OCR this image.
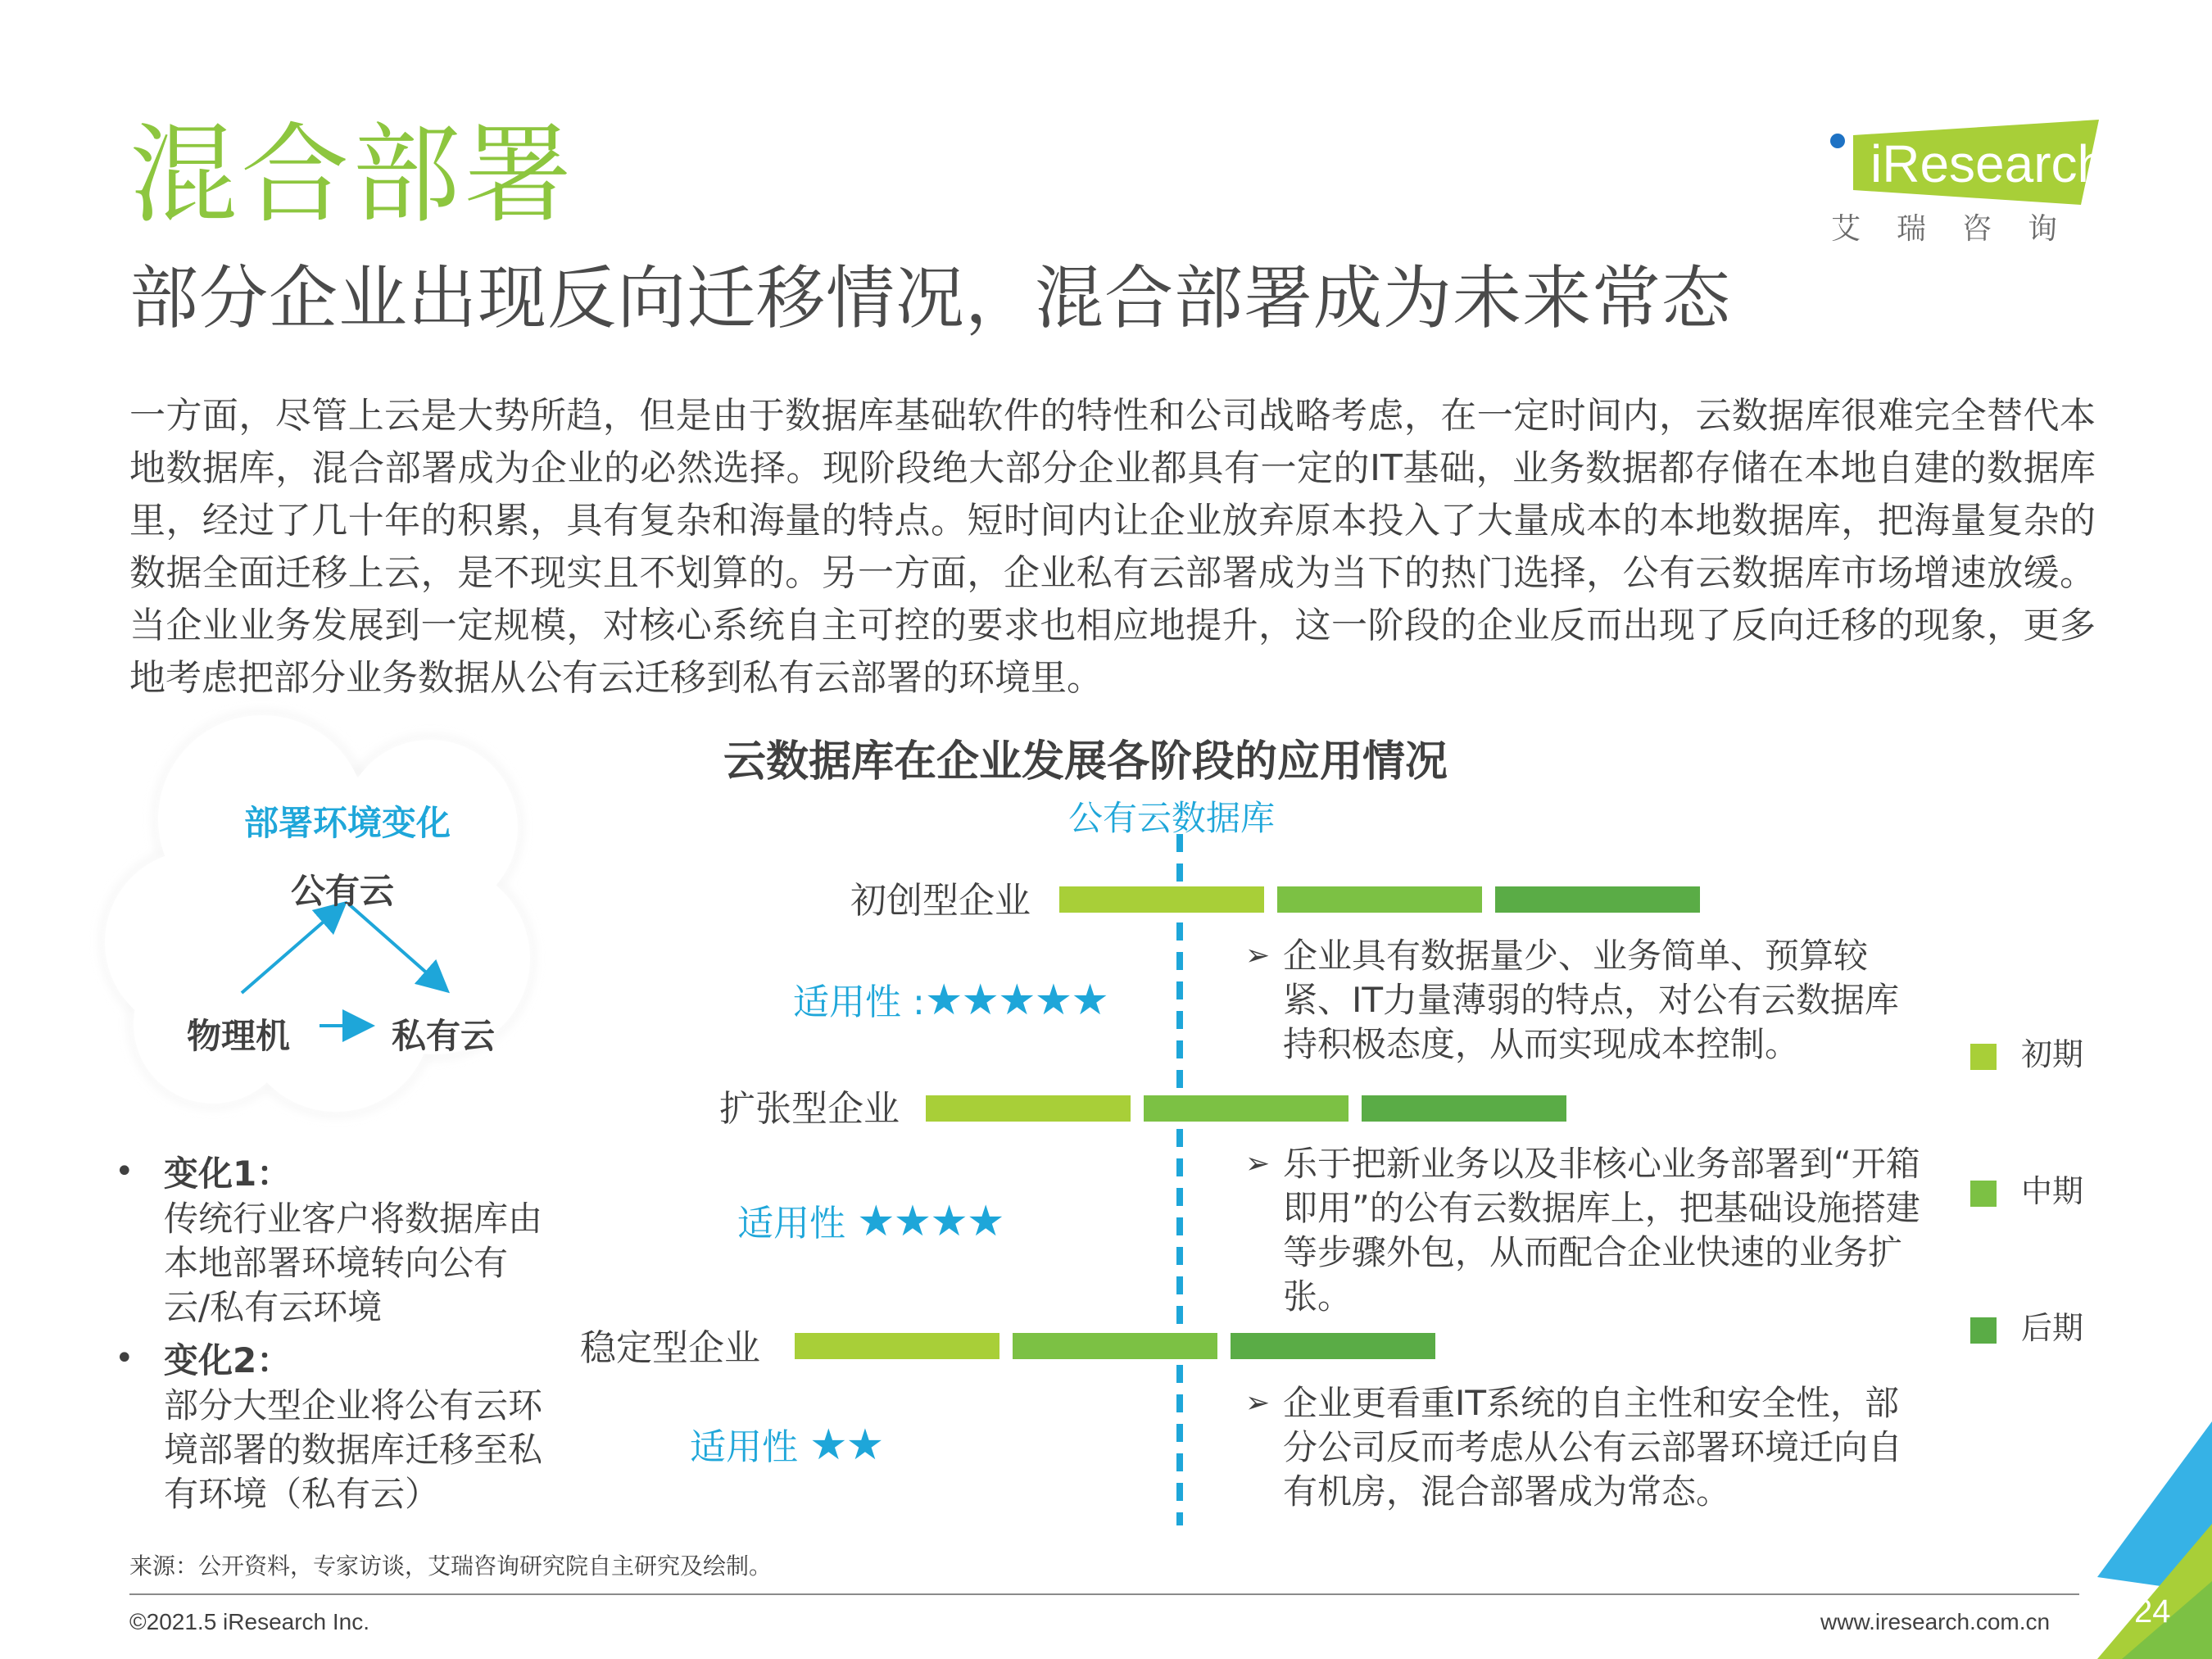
混合部署
部分企业出现反向迁移情况，混合部署成为未来常态
iResearch
艾瑞咨询
一方面，尽管上云是大势所趋，但是由于数据库基础软件的特性和公司战略考虑，在一定时间内，云数据库很难完全替代本地数据库，混合部署成为企业的必然选择。现阶段绝大部分企业都具有一定的IT基础，业务数据都存储在本地自建的数据库里，经过了几十年的积累，具有复杂和海量的特点。短时间内让企业放弃原本投入了大量成本的本地数据库，把海量复杂的数据全面迁移上云，是不现实且不划算的。另一方面，企业私有云部署成为当下的热门选择，公有云数据库市场增速放缓。当企业业务发展到一定规模，对核心系统自主可控的要求也相应地提升，这一阶段的企业反而出现了反向迁移的现象，更多地考虑把部分业务数据从公有云迁移到私有云部署的环境里。
云数据库在企业发展各阶段的应用情况
部署环境变化
公有云
物理机	私有云
• 变化1：
传统行业客户将数据库由本地部署环境转向公有云/私有云环境
• 变化2：
部分大型企业将公有云环境部署的数据库迁移至私有环境（私有云）
公有云数据库
初创型企业
扩张型企业
稳定型企业
适用性 :★★★★★
适用性 ★★★★
适用性 ★★
➢ 企业具有数据量少、业务简单、预算较紧、IT力量薄弱的特点，对公有云数据库持积极态度，从而实现成本控制。
➢ 乐于把新业务以及非核心业务部署到“开箱即用”的公有云数据库上，把基础设施搭建等步骤外包，从而配合企业快速的业务扩张。
➢ 企业更看重IT系统的自主性和安全性，部分公司反而考虑从公有云部署环境迁向自有机房，混合部署成为常态。
初期
中期
后期
来源：公开资料，专家访谈，艾瑞咨询研究院自主研究及绘制。
©2021.5 iResearch Inc.	www.iresearch.com.cn	24
